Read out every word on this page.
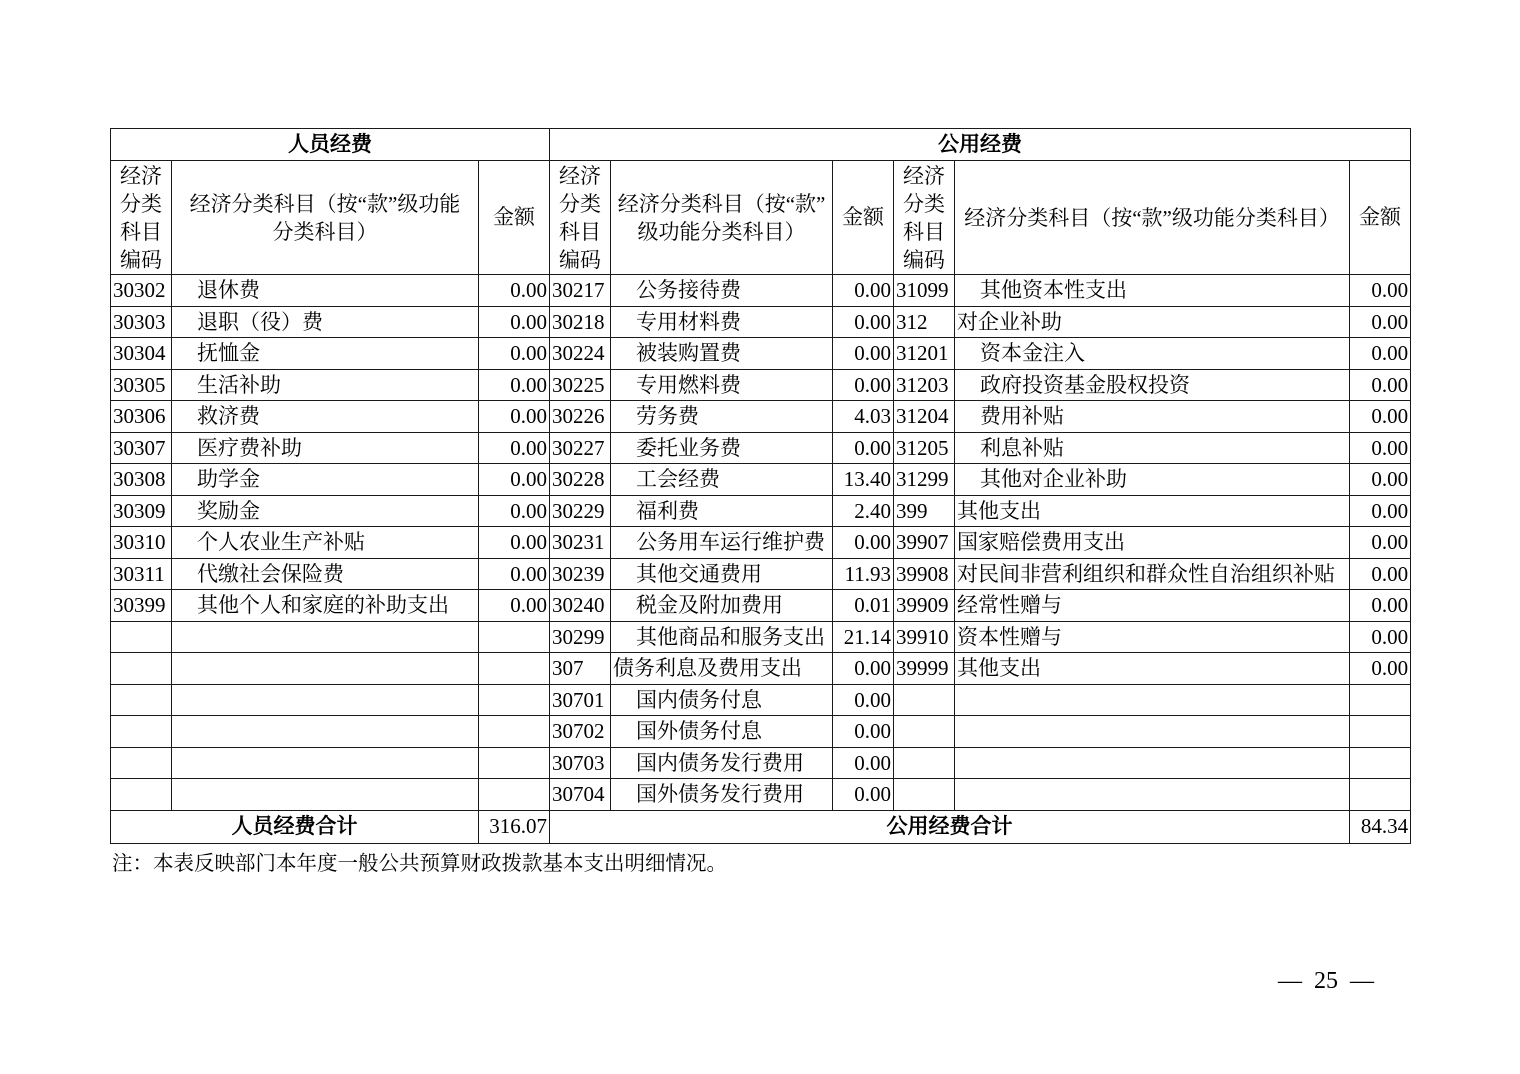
人员经费			公用经费					
经济分类科目编码	经济分类科目（按“款”级功能
分类科目）	金额	经济分类科目编码	经济分类科目（按“款”
级功能分类科目）	金额	经济分类科目编码	经济分类科目（按“款”级功能分类科目）	金额
30302	退休费	0.00	30217	公务接待费	0.00	31099	其他资本性支出	0.00
30303	退职（役）费	0.00	30218	专用材料费	0.00	312	对企业补助	0.00
30304	抚恤金	0.00	30224	被装购置费	0.00	31201	资本金注入	0.00
30305	生活补助	0.00	30225	专用燃料费	0.00	31203	政府投资基金股权投资	0.00
30306	救济费	0.00	30226	劳务费	4.03	31204	费用补贴	0.00
30307	医疗费补助	0.00	30227	委托业务费	0.00	31205	利息补贴	0.00
30308	助学金	0.00	30228	工会经费	13.40	31299	其他对企业补助	0.00
30309	奖励金	0.00	30229	福利费	2.40	399	其他支出	0.00
30310	个人农业生产补贴	0.00	30231	公务用车运行维护费	0.00	39907	国家赔偿费用支出	0.00
30311	代缴社会保险费	0.00	30239	其他交通费用	11.93	39908	对民间非营利组织和群众性自治组织补贴	0.00
30399	其他个人和家庭的补助支出	0.00	30240	税金及附加费用	0.01	39909	经常性赠与	0.00
			30299	其他商品和服务支出	21.14	39910	资本性赠与	0.00
			307	债务利息及费用支出	0.00	39999	其他支出	0.00
			30701	国内债务付息	0.00			
			30702	国外债务付息	0.00			
			30703	国内债务发行费用	0.00			
			30704	国外债务发行费用	0.00			
人员经费合计		316.07	公用经费合计					84.34
注：本表反映部门本年度一般公共预算财政拨款基本支出明细情况。
— 25 —
